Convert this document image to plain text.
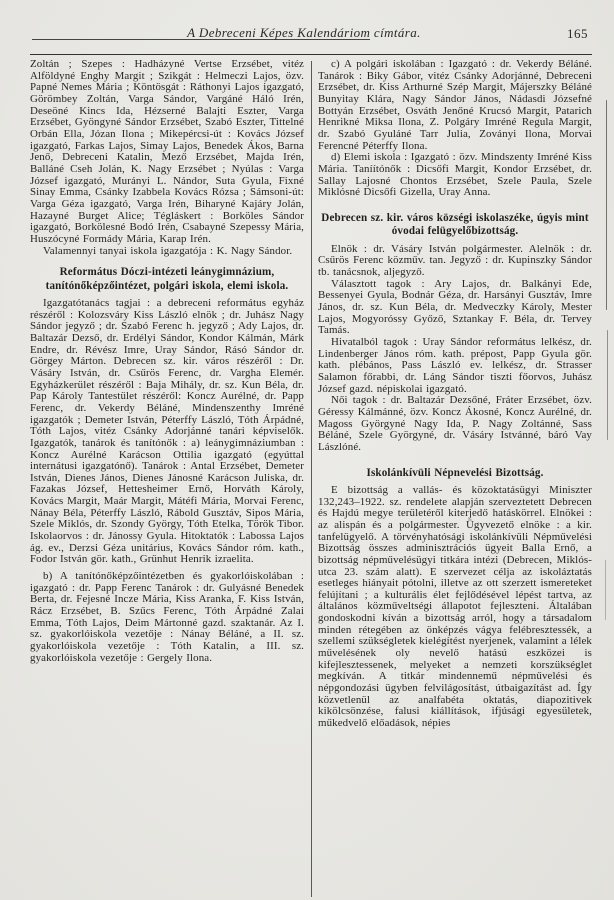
A Debreceni Képes Kalendáriom címtára.	165

Zoltán ; Szepes : Hadházyné Vertse Erzsébet, vitéz Alföldyné Enghy Margit ; Szikgát : Helmeczi Lajos, özv. Papné Nemes Mária ; Köntösgát : Ráthonyi Lajos igazgató, Görömbey Zoltán, Varga Sándor, Vargáné Háló Irén, Deseöné Kincs Ida, Hézserné Balajti Eszter, Varga Erzsébet, Gyöngyné Sándor Erzsébet, Szabó Eszter, Tittelné Orbán Ella, Józan Ilona ; Mikepércsi-út : Kovács József igazgató, Farkas Lajos, Simay Lajos, Benedek Ákos, Barna Jenő, Debreceni Katalin, Mező Erzsébet, Majda Irén, Balláné Cseh Jolán, K. Nagy Erzsébet ; Nyúlas : Varga József igazgató, Murányi L. Nándor, Suta Gyula, Fixné Sinay Emma, Csánky Izabbela Kovács Rózsa ; Sámsoni-út: Varga Géza igazgató, Varga Irén, Biharyné Kajáry Jolán, Hazayné Burget Alice; Tégláskert : Borköles Sándor igazgató, Borkölesné Bodó Irén, Csabayné Szepessy Mária, Huszócyné Formády Mária, Karap Irén.

Valamennyi tanyai iskola igazgatója : K. Nagy Sándor.

Református Dóczi-intézeti leánygimnázium, tanítónőképzőintézet, polgári iskola, elemi iskola.

Igazgatótanács tagjai : a debreceni református egyház részéről : Kolozsváry Kiss László elnök ; dr. Juhász Nagy Sándor jegyző ; dr. Szabó Ferenc h. jegyző ; Ady Lajos, dr. Baltazár Dezső, dr. Erdélyi Sándor, Kondor Kálmán, Márk Endre, dr. Révész Imre, Uray Sándor, Rásó Sándor dr. Görgey Márton. Debrecen sz. kir. város részéről : Dr. Vásáry István, dr. Csűrös Ferenc, dr. Vargha Elemér. Egyházkerület részéről : Baja Mihály, dr. sz. Kun Béla, dr. Pap Károly Tantestület részéről: Koncz Aurélné, dr. Papp Ferenc, dr. Vekerdy Béláné, Mindenszenthy Imréné igazgatók ; Demeter István, Péterffy László, Tóth Árpádné, Tóth Lajos, vitéz Csánky Adorjánné tanári képviselők. Igazgatók, tanárok és tanítónők : a) leánygimnáziumban : Koncz Aurélné Karácson Ottilia igazgató (egyúttal internátusi igazgatónő). Tanárok : Antal Erzsébet, Demeter István, Dienes János, Dienes Jánosné Karácson Juliska, dr. Fazakas József, Hettesheimer Ernő, Horváth Károly, Kovács Margit, Maár Margit, Mátéfi Mária, Morvai Ferenc, Nánay Béla, Péterffy László, Rábold Gusztáv, Sipos Mária, Szele Miklós, dr. Szondy György, Tóth Etelka, Török Tibor. Iskolaorvos : dr. Jánossy Gyula. Hitoktatók : Labossa Lajos ág. ev., Derzsi Géza unitárius, Kovács Sándor róm. kath., Fodor István gör. kath., Grünhut Henrik izraelita.

b) A tanítónőképzőintézetben és gyakorlóiskolában : igazgató : dr. Papp Ferenc Tanárok : dr. Gulyásné Benedek Berta, dr. Fejesné Incze Mária, Kiss Aranka, F. Kiss István, Rácz Erzsébet, B. Szűcs Ferenc, Tóth Árpádné Zalai Emma, Tóth Lajos, Deim Mártonné gazd. szaktanár. Az I. sz. gyakorlóiskola vezetője : Nánay Béláné, a II. sz. gyakorlóiskola vezetője : Tóth Katalin, a III. sz. gyakorlóiskola vezetője : Gergely Ilona.

c) A polgári iskolában : Igazgató : dr. Vekerdy Béláné. Tanárok : Biky Gábor, vitéz Csánky Adorjánné, Debreceni Erzsébet, dr. Kiss Arthurné Szép Margit, Májerszky Béláné Bunyitay Klára, Nagy Sándor János, Nádasdi Józsefné Bottyán Erzsébet, Osváth Jenőné Krucsó Margit, Patarich Henrikné Miksa Ilona, Z. Polgáry Imréné Regula Margit, dr. Szabó Gyuláné Tarr Julia, Zoványi Ilona, Morvai Ferencné Péterffy Ilona.

d) Elemi iskola : Igazgató : özv. Mindszenty Imréné Kiss Mária. Taníítónők : Dicsőfi Margit, Kondor Erzsébet, dr. Sallay Lajosné Chontos Erzsébet, Szele Paula, Szele Miklósné Dicsőfi Gizella, Uray Anna.

Debrecen sz. kir. város községi iskolaszéke, úgyis mint óvodai felügyelőbizottság.

Elnök : dr. Vásáry István polgármester. Alelnök : dr. Csűrös Ferenc közműv. tan. Jegyző : dr. Kupinszky Sándor tb. tanácsnok, aljegyző.

Választott tagok : Ary Lajos, dr. Balkányi Ede, Bessenyei Gyula, Bodnár Géza, dr. Harsányi Gusztáv, Imre János, dr. sz. Kun Béla, dr. Medveczky Károly, Mester Lajos, Mogyoróssy Győző, Sztankay F. Béla, dr. Tervey Tamás.

Hivatalból tagok : Uray Sándor református lelkész, dr. Lindenberger János róm. kath. prépost, Papp Gyula gör. kath. plébános, Pass László ev. lelkész, dr. Strasser Salamon főrabbi, dr. Láng Sándor tiszti főorvos, Juhász József gazd. népiskolai igazgató.

Női tagok : dr. Baltazár Dezsőné, Fráter Erzsébet, özv. Géressy Kálmánné, özv. Koncz Ákosné, Koncz Aurélné, dr. Magoss Györgyné Nagy Ida, P. Nagy Zoltánné, Sass Béláné, Szele Györgyné, dr. Vásáry Istvánné, báró Vay Lászlóné.

Iskolánkívüli Népnevelési Bizottság.

E bizottság a vallás- és közoktatásügyi Miniszter 132,243–1922. sz. rendelete alapján szerveztetett Debrecen és Hajdú megye területéről kiterjedő hatáskörrel. Elnökei : az alispán és a polgármester. Ügyvezető elnöke : a kir. tanfelügyelő. A törvényhatósági iskolánkívüli Népművelési Bizottság összes adminisztrációs ügyeit Balla Ernő, a bizottság népművelésügyi titkára intézi (Debrecen, Miklós-utca 23. szám alatt). E szervezet célja az iskoláztatás esetleges hiányait pótolni, illetve az ott szerzett ismereteket felújítani ; a kulturális élet fejlődésével lépést tartva, az általános közműveltségi állapotot fejleszteni. Általában gondoskodni kíván a bizottság arról, hogy a társadalom minden rétegében az önképzés vágya felébresztessék, a szellemi szükségletek kielégítést nyerjenek, valamint a lélek művelésének oly nevelő hatású eszközei is kifejlesztessenek, melyeket a nemzeti korszükséglet megkíván. A titkár mindennemű népművelési és népgondozási ügyben felvilágosítást, útbaigazítást ad. Így közvetlenül az analfabéta oktatás, diapozitivek kikölcsönzése, falusi kiállítások, ifjúsági egyesületek, műkedvelő előadások, népies
